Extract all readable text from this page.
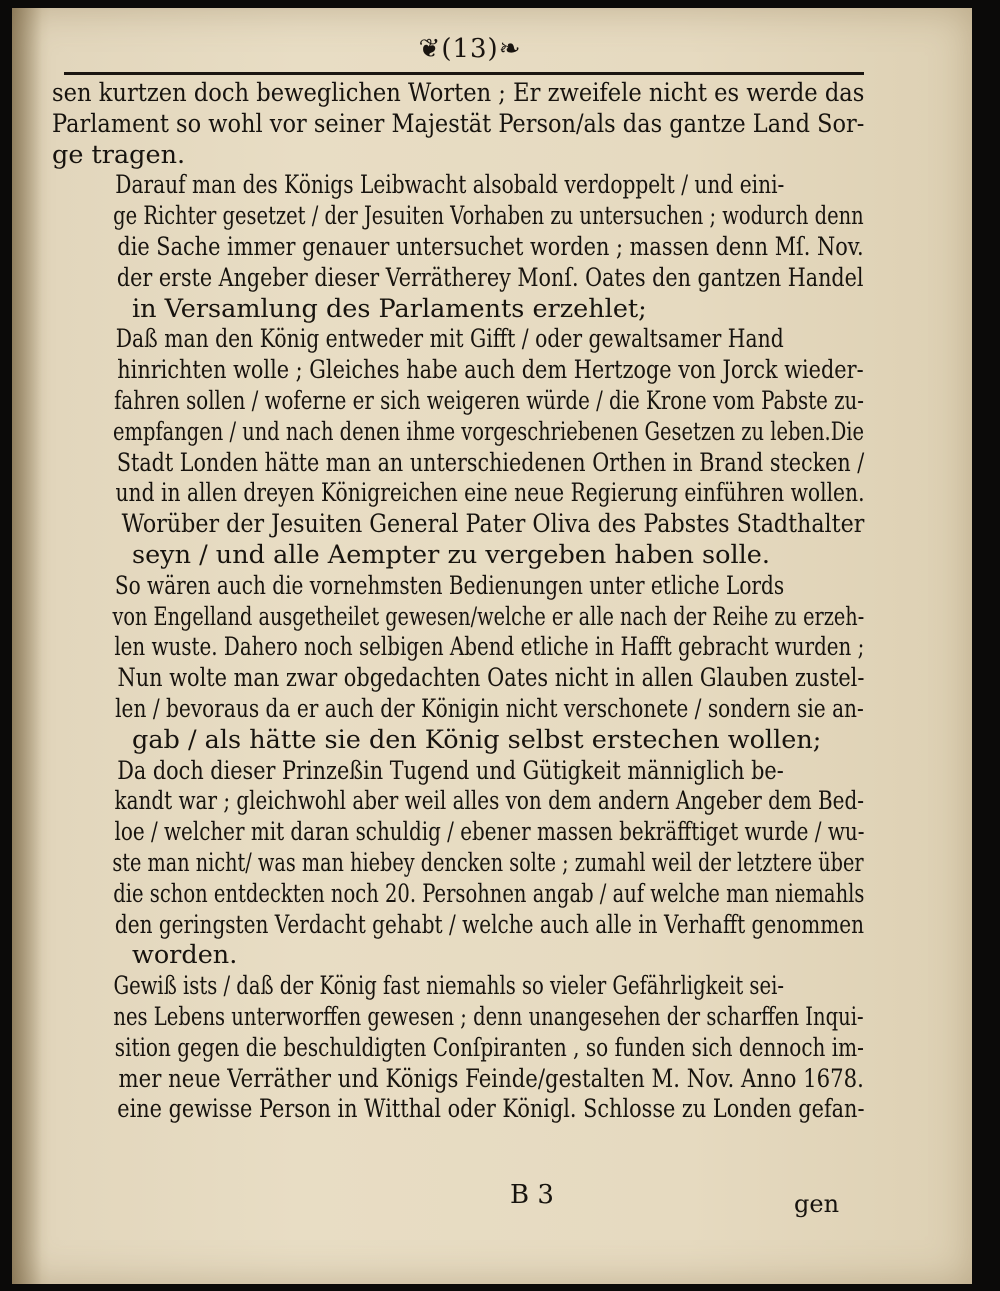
❦(13)❧

sen kurtzen doch beweglichen Worten ; Er zweifele nicht es werde das
Parlament so wohl vor seiner Majestät Person/als das gantze Land Sor-
ge tragen.

Darauf man des Königs Leibwacht alsobald verdoppelt / und eini-
ge Richter gesetzet / der Jesuiten Vorhaben zu untersuchen ; wodurch denn
die Sache immer genauer untersuchet worden ; massen denn Mſ. Nov.
der erste Angeber dieser Verrätherey Monſ. Oates den gantzen Handel
in Versamlung des Parlaments erzehlet;

Daß man den König entweder mit Gifft / oder gewaltsamer Hand
hinrichten wolle ; Gleiches habe auch dem Hertzoge von Jorck wieder-
fahren sollen / woferne er sich weigeren würde / die Krone vom Pabste zu-
empfangen / und nach denen ihme vorgeschriebenen Gesetzen zu leben.Die
Stadt Londen hätte man an unterschiedenen Orthen in Brand stecken /
und in allen dreyen Königreichen eine neue Regierung einführen wollen.
Worüber der Jesuiten General Pater Oliva des Pabstes Stadthalter
seyn / und alle Aempter zu vergeben haben solle.

So wären auch die vornehmsten Bedienungen unter etliche Lords
von Engelland ausgetheilet gewesen/welche er alle nach der Reihe zu erzeh-
len wuste. Dahero noch selbigen Abend etliche in Hafft gebracht wurden ;
Nun wolte man zwar obgedachten Oates nicht in allen Glauben zustel-
len / bevoraus da er auch der Königin nicht verschonete / sondern sie an-
gab / als hätte sie den König selbst erstechen wollen;

Da doch dieser Prinzeßin Tugend und Gütigkeit männiglich be-
kandt war ; gleichwohl aber weil alles von dem andern Angeber dem Bed-
loe / welcher mit daran schuldig / ebener massen bekräfftiget wurde / wu-
ste man nicht/ was man hiebey dencken solte ; zumahl weil der letztere über
die schon entdeckten noch 20. Persohnen angab / auf welche man niemahls
den geringsten Verdacht gehabt / welche auch alle in Verhafft genommen
worden.

Gewiß ists / daß der König fast niemahls so vieler Gefährligkeit sei-
nes Lebens unterworffen gewesen ; denn unangesehen der scharffen Inqui-
sition gegen die beschuldigten Conſpiranten , so funden sich dennoch im-
mer neue Verräther und Königs Feinde/gestalten M. Nov. Anno 1678.
eine gewisse Person in Witthal oder Königl. Schlosse zu Londen gefan-

B 3	gen
